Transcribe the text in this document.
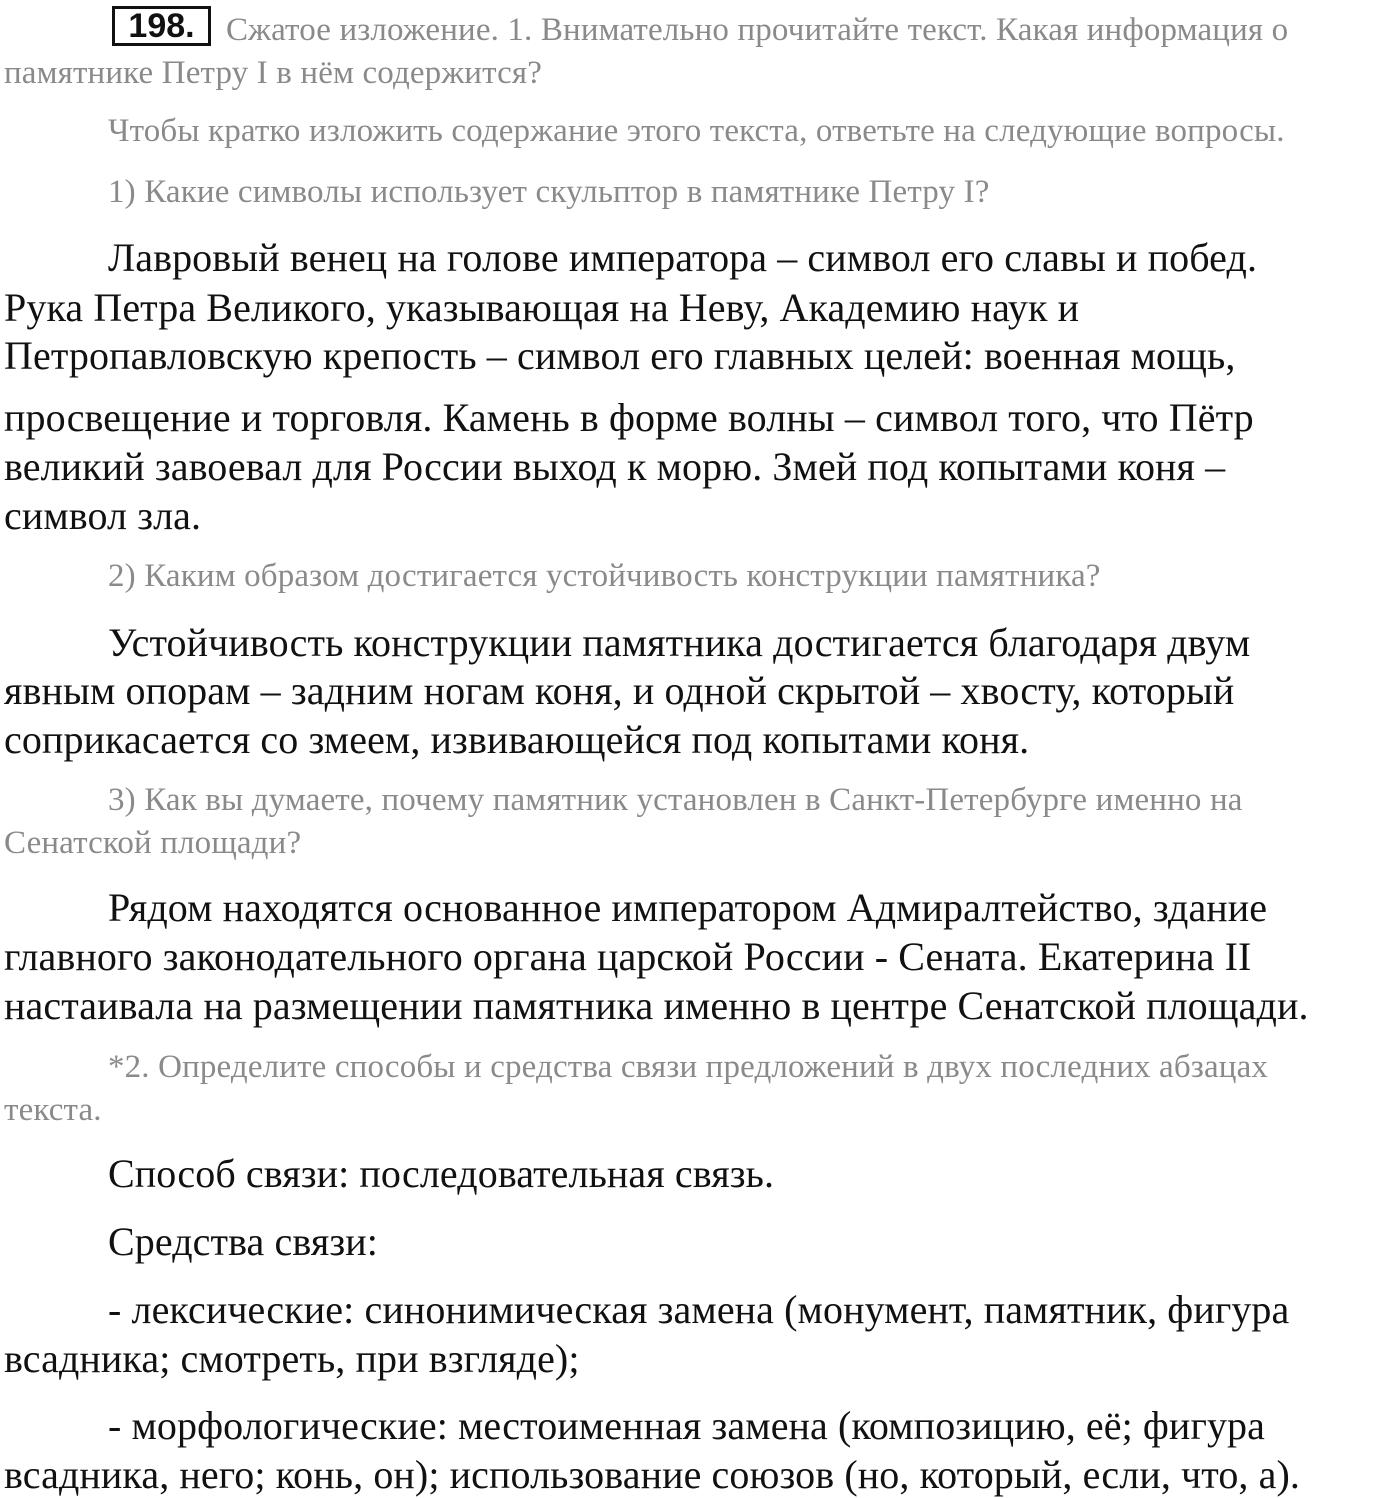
198. Сжатое изложение. 1. Внимательно прочитайте текст. Какая информация о
памятнике Петру I в нём содержится?
Чтобы кратко изложить содержание этого текста, ответьте на следующие вопросы.
1) Какие символы использует скульптор в памятнике Петру I?
Лавровый венец на голове императора – символ его славы и побед.
Рука Петра Великого, указывающая на Неву, Академию наук и
Петропавловскую крепость – символ его главных целей: военная мощь,
просвещение и торговля. Камень в форме волны – символ того, что Пётр
великий завоевал для России выход к морю. Змей под копытами коня –
символ зла.
2) Каким образом достигается устойчивость конструкции памятника?
Устойчивость конструкции памятника достигается благодаря двум
явным опорам – задним ногам коня, и одной скрытой – хвосту, который
соприкасается со змеем, извивающейся под копытами коня.
3) Как вы думаете, почему памятник установлен в Санкт-Петербурге именно на
Сенатской площади?
Рядом находятся основанное императором Адмиралтейство, здание
главного законодательного органа царской России - Сената. Екатерина II
настаивала на размещении памятника именно в центре Сенатской площади.
*2. Определите способы и средства связи предложений в двух последних абзацах
текста.
Способ связи: последовательная связь.
Средства связи:
- лексические: синонимическая замена (монумент, памятник, фигура
всадника; смотреть, при взгляде);
- морфологические: местоименная замена (композицию, её; фигура
всадника, него; конь, он); использование союзов (но, который, если, что, а).
